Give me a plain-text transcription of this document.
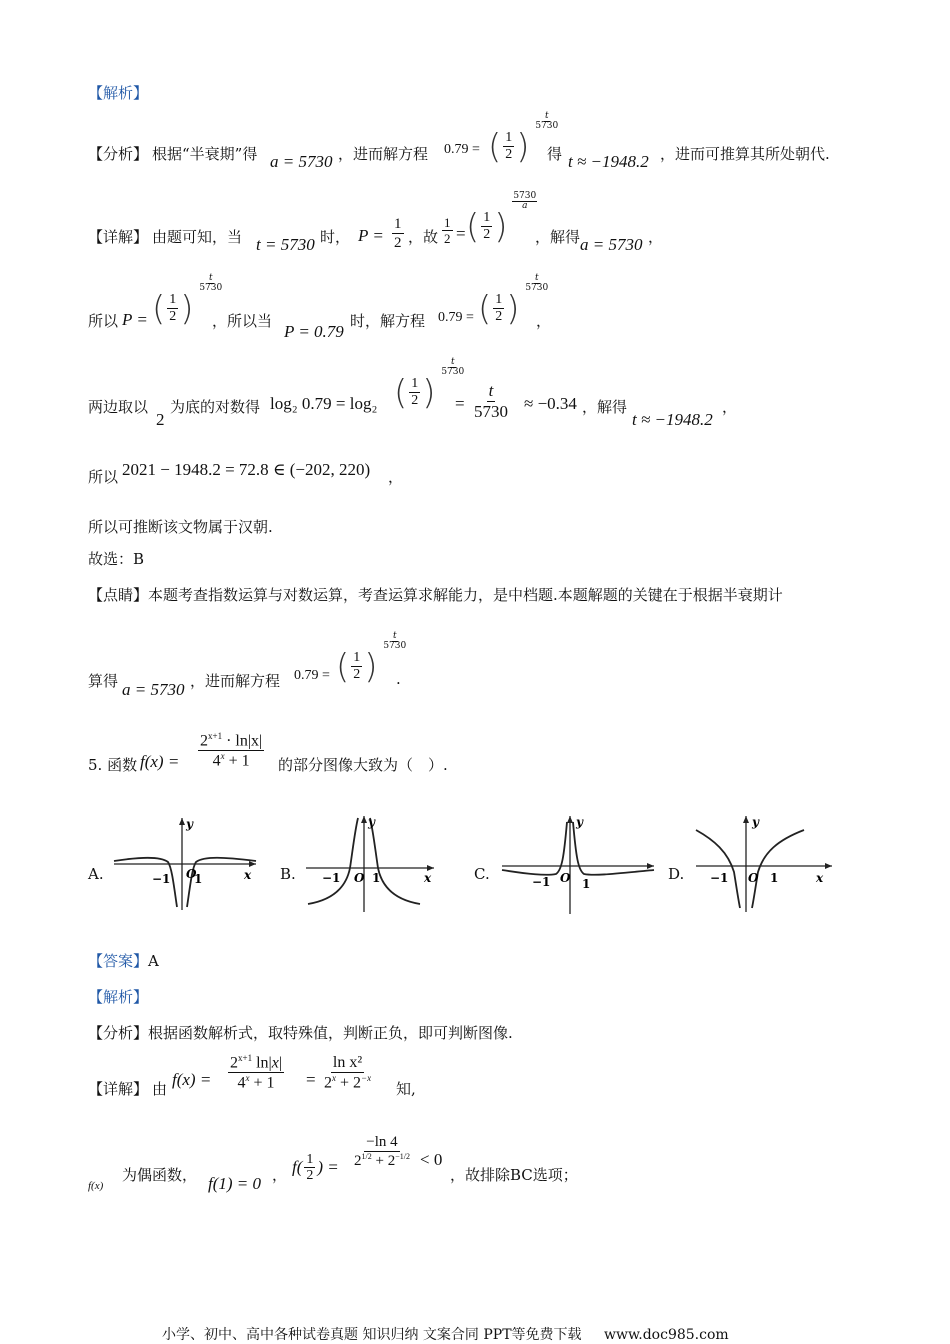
【解析】
【分析】 根据“半衰期”得 a = 5730 ，进而解方程 0.79 = ( $\frac{1}{2}$ )
$\frac{t}{5730}$
得 t ≈ −1948.2 ，进而可推算其所处朝代.
【详解】 由题可知，当 t = 5730 时， $P = \frac{1}{2}$ ，故 $\frac{1}{2}$ = ( $\frac{1}{2}$ )
$\frac{5730}{a}$
，解得 a = 5730 ，
所以 P = ( $\frac{1}{2}$ )
$\frac{t}{5730}$
，所以当
P = 0.79
时，解方程 0.79 = ( $\frac{1}{2}$ )
$\frac{t}{5730}$
，
两边取以
2
为底的对数得 log₂ 0.79 = log₂ ( $\frac{1}{2}$ )
$\frac{t}{5730}$
= $\frac{t}{5730} \approx -0.34$ ，解得
t ≈ −1948.2
，
所以 2021 − 1948.2 = 72.8 ∈ (−202, 220) ，
所以可推断该文物属于汉朝.
故选：B
【点睛】本题考查指数运算与对数运算，考查运算求解能力，是中档题.本题解题的关键在于根据半衰期计
算得 a = 5730 ，进而解方程 0.79 = ( $\frac{1}{2}$ )
$\frac{t}{5730}$
.
5. 函数 $f(x) = \frac{2^{x+1} \cdot \ln|x|}{4^x + 1}$ 的部分图像大致为（　）.
A.
y
x
O
1
−1	B.
y
x
O 1
−1	C.
y
O 1
−1	D.
y
x
O 1
−1
【答案】A
【解析】
【分析】根据函数解析式，取特殊值，判断正负，即可判断图像.
【详解】 由 $f(x) = \frac{2^{x+1} \ln|x|}{4^x + 1} = \frac{\text{ln x²}}{2^x + 2^{-x}}$ 知,
f(x)
为偶函数， f(1) = 0 ， $f( \frac{1}{2}$ ) = $\frac{-\ln 4}{2^{1/2} + 2^{-1/2}} < 0$
，故排除BC选项；
小学、初中、高中各种试卷真题 知识归纳 文案合同 PPT等免费下载 www.doc985.com
